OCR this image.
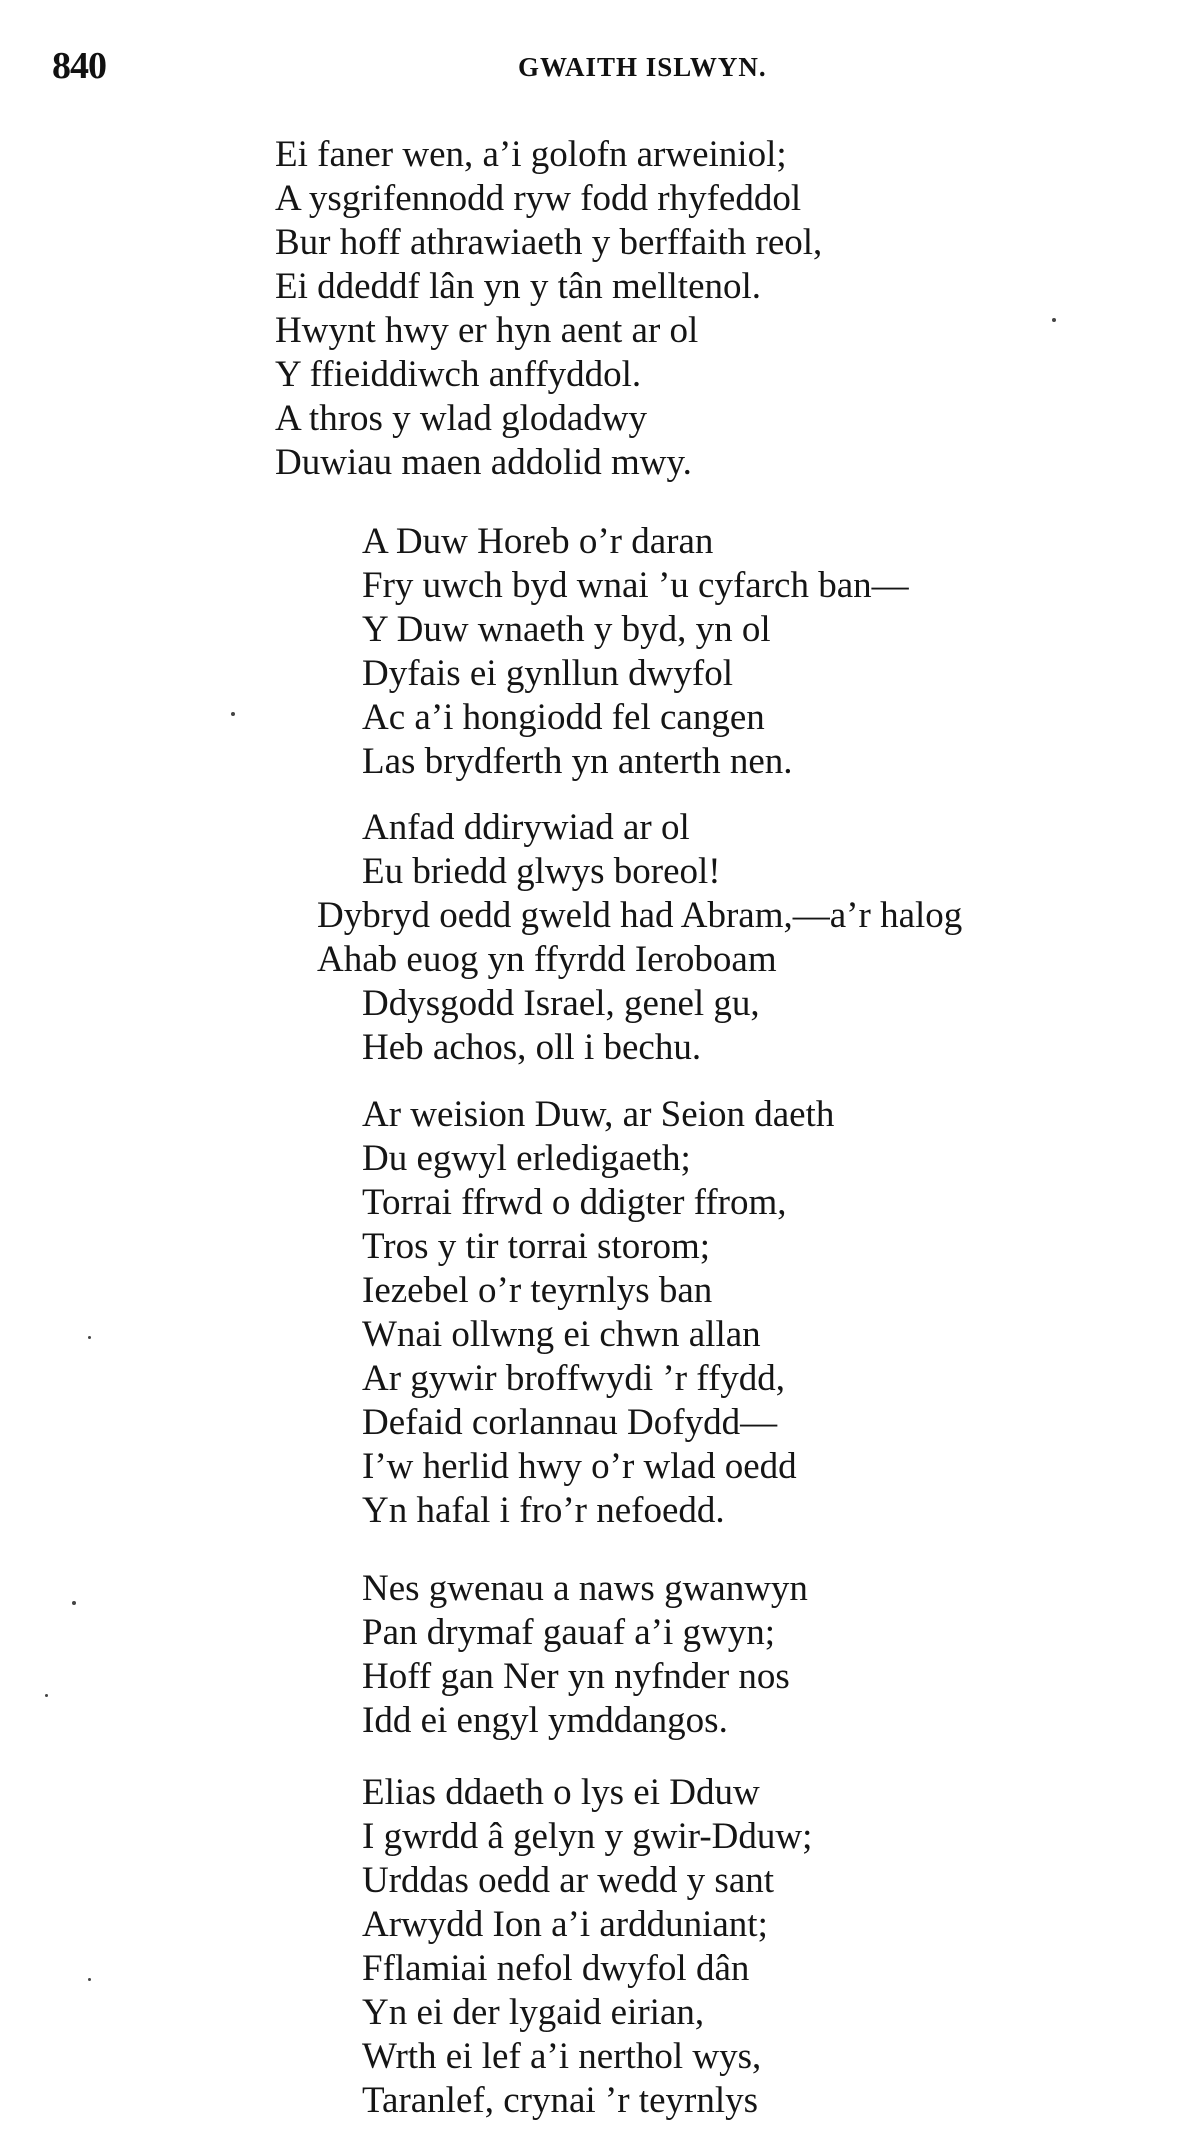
840	GWAITH ISLWYN.
Ei faner wen, a’i golofn arweiniol;
A ysgrifennodd ryw fodd rhyfeddol
Bur hoff athrawiaeth y berffaith reol,
Ei ddeddf lân yn y tân melltenol.
Hwynt hwy er hyn aent ar ol
Y ffieiddiwch anffyddol.
A thros y wlad glodadwy
Duwiau maen addolid mwy.
A Duw Horeb o’r daran
Fry uwch byd wnai ’u cyfarch ban—
Y Duw wnaeth y byd, yn ol
Dyfais ei gynllun dwyfol
Ac a’i hongiodd fel cangen
Las brydferth yn anterth nen.
Anfad ddirywiad ar ol
Eu briedd glwys boreol!
Dybryd oedd gweld had Abram,—a’r halog
Ahab euog yn ffyrdd Ieroboam
Ddysgodd Israel, genel gu,
Heb achos, oll i bechu.
Ar weision Duw, ar Seion daeth
Du egwyl erledigaeth;
Torrai ffrwd o ddigter ffrom,
Tros y tir torrai storom;
Iezebel o’r teyrnlys ban
Wnai ollwng ei chwn allan
Ar gywir broffwydi ’r ffydd,
Defaid corlannau Dofydd—
I’w herlid hwy o’r wlad oedd
Yn hafal i fro’r nefoedd.
Nes gwenau a naws gwanwyn
Pan drymaf gauaf a’i gwyn;
Hoff gan Ner yn nyfnder nos
Idd ei engyl ymddangos.
Elias ddaeth o lys ei Dduw
I gwrdd â gelyn y gwir-Dduw;
Urddas oedd ar wedd y sant
Arwydd Ion a’i ardduniant;
Fflamiai nefol dwyfol dân
Yn ei der lygaid eirian,
Wrth ei lef a’i nerthol wys,
Taranlef, crynai ’r teyrnlys
